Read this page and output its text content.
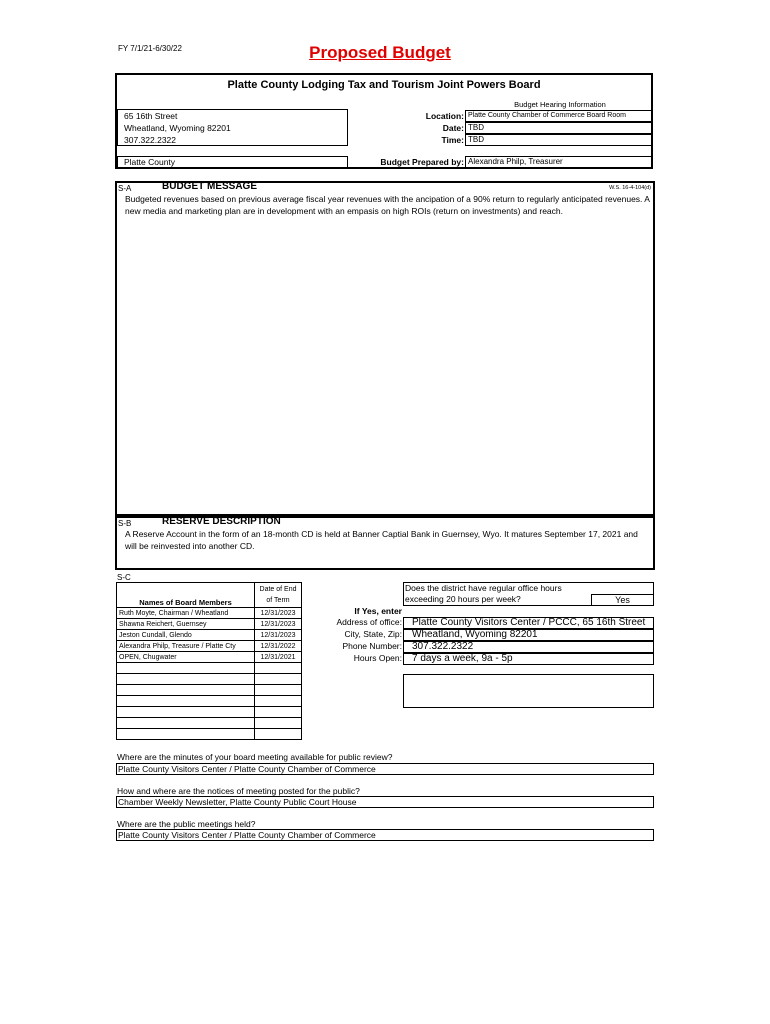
FY 7/1/21-6/30/22	Proposed Budget
Platte County Lodging Tax and Tourism Joint Powers Board
Budget Hearing Information
65 16th Street
Wheatland, Wyoming 82201
307.322.2322
Platte County
Location: Platte County Chamber of Commerce Board Room
Date: TBD
Time: TBD
Budget Prepared by: Alexandra Philp, Treasurer
S-A	BUDGET MESSAGE	W.S. 16-4-104(d)
Budgeted revenues based on previous average fiscal year revenues with the ancipation of a 90% return to regularly anticipated revenues. A
new media and marketing plan are in development with an empasis on high ROIs (return on investments) and reach.
S-B	RESERVE DESCRIPTION
A Reserve Account in the form of an 18-month CD is held at Banner Captial Bank in Guernsey, Wyo. It matures September 17, 2021 and
will be reinvested into another CD.
S-C
Names of Board Members	Date of End
of Term
Ruth Moyte, Chairman / Wheatland	12/31/2023
Shawna Reichert, Guernsey	12/31/2023
Jeston Cundall, Glendo	12/31/2023
Alexandra Philp, Treasure / Platte Cty	12/31/2022
OPEN, Chugwater	12/31/2021

Does the district have regular office hours
exceeding 20 hours per week?	Yes
If Yes, enter
Address of office:	Platte County Visitors Center / PCCC, 65 16th Street
City, State, Zip:	Wheatland, Wyoming 82201
Phone Number:	307.322.2322
Hours Open:	7 days a week, 9a - 5p
Where are the minutes of your board meeting available for public review?
Platte County Visitors Center / Platte County Chamber of Commerce
How and where are the notices of meeting posted for the public?
Chamber Weekly Newsletter, Platte County Public Court House
Where are the public meetings held?
Platte County Visitors Center / Platte County Chamber of Commerce
